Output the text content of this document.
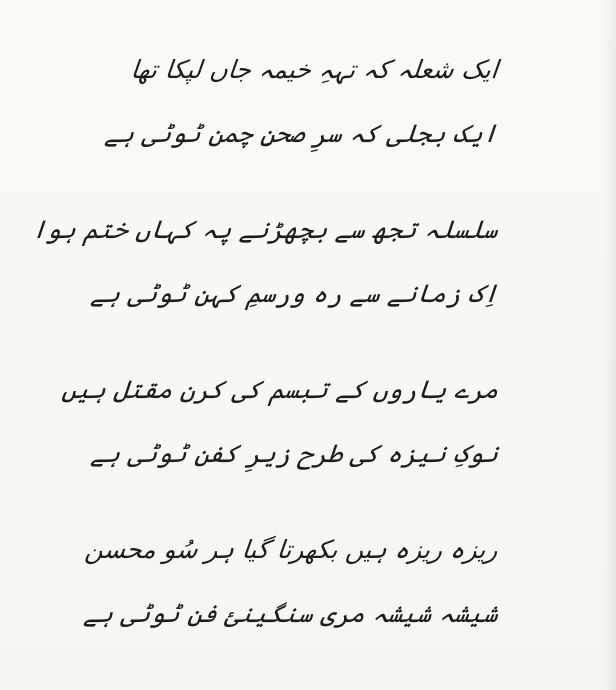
ایک شعلہ کہ تہہِ خیمہ جاں لپکا تھا
ایک بجلی کہ سرِ صحنِ چمن ٹوٹی ہے
سلسلہ تجھ سے بچھڑنے پہ کہاں ختم ہوا
اِک زمانے سے رہ ورسمِ کہن ٹوٹی ہے
مرے یاروں کے تبسم کی کرن مقتل ہیں
نوکِ نیزہ کی طرح زیرِ کفن ٹوٹی ہے
ریزہ ریزہ ہیں بکھرتا گیا ہر سُو محسن
شیشہ شیشہ مری سنگینیٔ فن ٹوٹی ہے
